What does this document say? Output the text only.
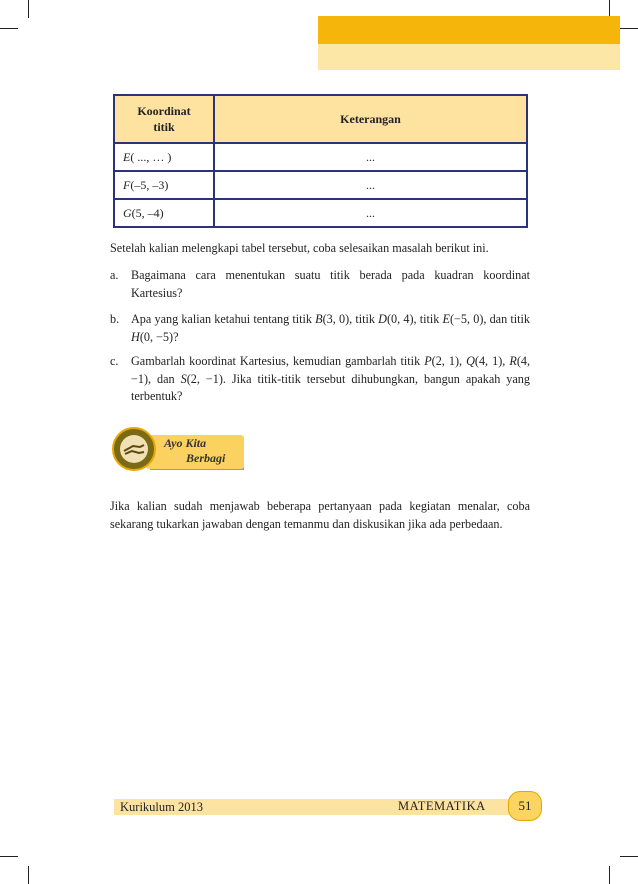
Koordinat
titik	Keterangan
E( ..., … )	...
F(–5, –3)	...
G(5, –4)	...
Setelah kalian melengkapi tabel tersebut, coba selesaikan masalah berikut ini.
a. Bagaimana cara menentukan suatu titik berada pada kuadran koordinat Kartesius?
b. Apa yang kalian ketahui tentang titik B(3, 0), titik D(0, 4), titik E(−5, 0), dan titik H(0, −5)?
c. Gambarlah koordinat Kartesius, kemudian gambarlah titik P(2, 1), Q(4, 1), R(4, −1), dan S(2, −1). Jika titik-titik tersebut dihubungkan, bangun apakah yang terbentuk?
Ayo Kita
Berbagi
Jika kalian sudah menjawab beberapa pertanyaan pada kegiatan menalar, coba sekarang tukarkan jawaban dengan temanmu dan diskusikan jika ada perbedaan.
Kurikulum 2013	MATEMATIKA	51
